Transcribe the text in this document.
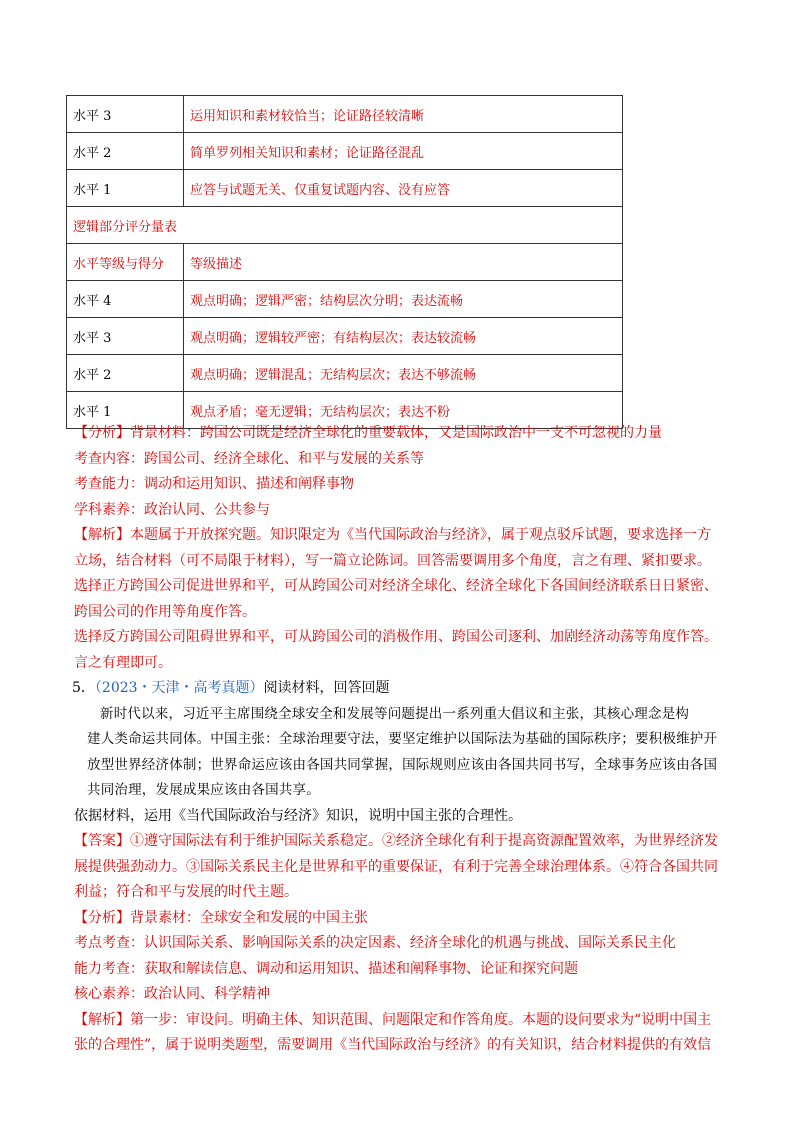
水平 3	运用知识和素材较恰当；论证路径较清晰
水平 2	简单罗列相关知识和素材；论证路径混乱
水平 1	应答与试题无关、仅重复试题内容、没有应答
逻辑部分评分量表	
水平等级与得分	等级描述
水平 4	观点明确；逻辑严密；结构层次分明；表达流畅
水平 3	观点明确；逻辑较严密；有结构层次；表达较流畅
水平 2	观点明确；逻辑混乱；无结构层次；表达不够流畅
水平 1	观点矛盾；毫无逻辑；无结构层次；表达不粉
【分析】背景材料：跨国公司既是经济全球化的重要载体，又是国际政治中一支不可忽视的力量
考查内容：跨国公司、经济全球化、和平与发展的关系等
考查能力：调动和运用知识、描述和阐释事物
学科素养：政治认同、公共参与
【解析】本题属于开放探究题。知识限定为《当代国际政治与经济》，属于观点驳斥试题，要求选择一方
立场，结合材料（可不局限于材料），写一篇立论陈词。回答需要调用多个角度，言之有理、紧扣要求。
选择正方跨国公司促进世界和平，可从跨国公司对经济全球化、经济全球化下各国间经济联系日日紧密、
跨国公司的作用等角度作答。
选择反方跨国公司阻碍世界和平，可从跨国公司的消极作用、跨国公司逐利、加剧经济动荡等角度作答。
言之有理即可。
5．（2023・天津・高考真题）阅读材料，回答回题
新时代以来，习近平主席围绕全球安全和发展等问题提出一系列重大倡议和主张，其核心理念是构
建人类命运共同体。中国主张：全球治理要守法，要坚定维护以国际法为基础的国际秩序；要积极维护开
放型世界经济体制；世界命运应该由各国共同掌握，国际规则应该由各国共同书写，全球事务应该由各国
共同治理，发展成果应该由各国共享。
依据材料，运用《当代国际政治与经济》知识，说明中国主张的合理性。
【答案】①遵守国际法有利于维护国际关系稳定。②经济全球化有利于提高资源配置效率，为世界经济发
展提供强劲动力。③国际关系民主化是世界和平的重要保证，有利于完善全球治理体系。④符合各国共同
利益；符合和平与发展的时代主题。
【分析】背景素材：全球安全和发展的中国主张
考点考查：认识国际关系、影响国际关系的决定因素、经济全球化的机遇与挑战、国际关系民主化
能力考查：获取和解读信息、调动和运用知识、描述和阐释事物、论证和探究问题
核心素养：政治认同、科学精神
【解析】第一步：审设问。明确主体、知识范围、问题限定和作答角度。本题的设问要求为“说明中国主
张的合理性”，属于说明类题型，需要调用《当代国际政治与经济》的有关知识，结合材料提供的有效信
